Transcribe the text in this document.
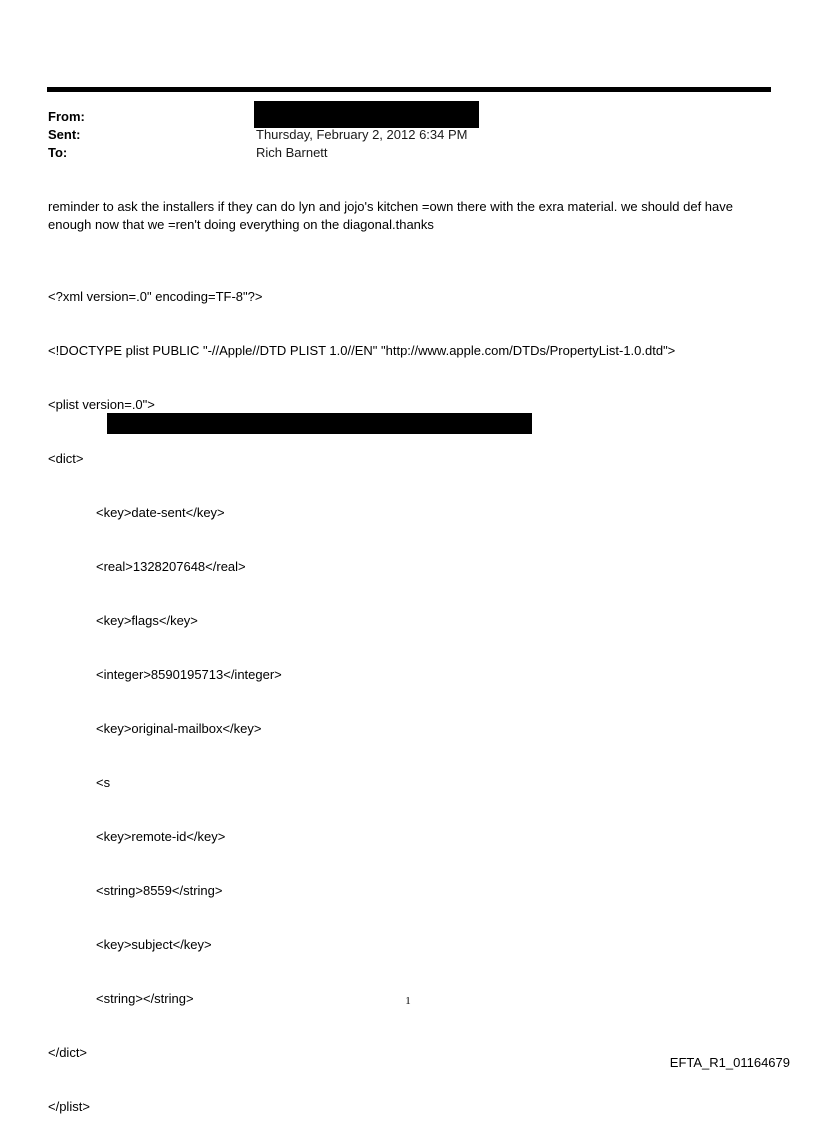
From:
Sent:
To:
Thursday, February 2, 2012 6:34 PM
Rich Barnett
reminder to ask the installers if they can do lyn and jojo's kitchen =own there with the exra material. we should def have enough now that we =ren't doing everything on the diagonal.thanks

<?xml version=.0" encoding=TF-8"?>

<!DOCTYPE plist PUBLIC "-//Apple//DTD PLIST 1.0//EN" "http://www.apple.com/DTDs/PropertyList-1.0.dtd">

<plist version=.0">

<dict>

<key>date-sent</key>

<real>1328207648</real>

<key>flags</key>

<integer>8590195713</integer>

<key>original-mailbox</key>

<s

<key>remote-id</key>

<string>8559</string>

<key>subject</key>

<string></string>

</dict>

</plist>

1
EFTA_R1_01164679
